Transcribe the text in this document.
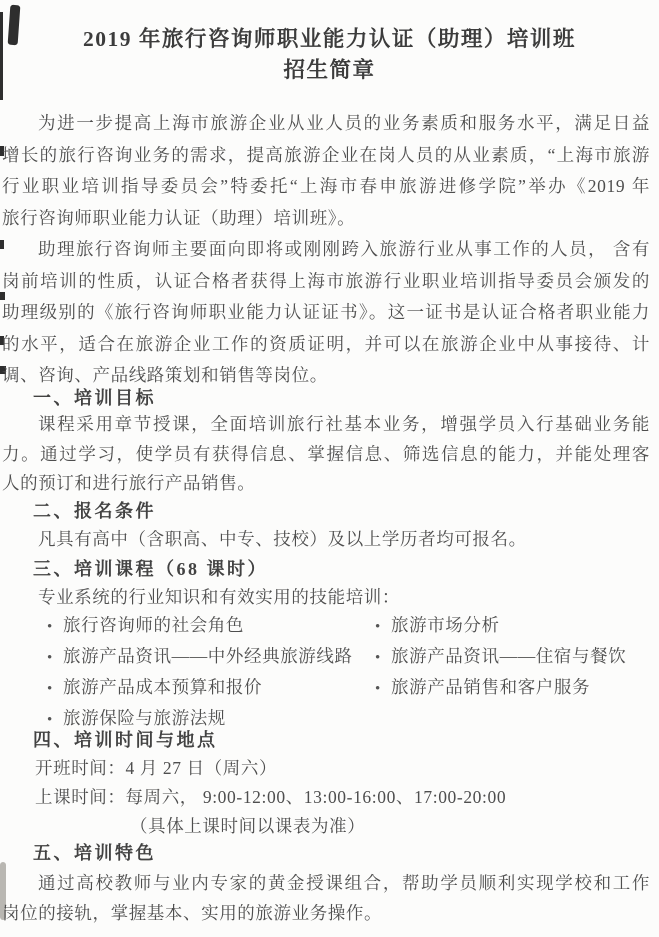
2019 年旅行咨询师职业能力认证（助理）培训班
招生简章
为进一步提高上海市旅游企业从业人员的业务素质和服务水平，满足日益
增长的旅行咨询业务的需求，提高旅游企业在岗人员的从业素质，“上海市旅游
行业职业培训指导委员会”特委托“上海市春申旅游进修学院”举办《2019 年
旅行咨询师职业能力认证（助理）培训班》。
助理旅行咨询师主要面向即将或刚刚跨入旅游行业从事工作的人员， 含有
岗前培训的性质，认证合格者获得上海市旅游行业职业培训指导委员会颁发的
助理级别的《旅行咨询师职业能力认证证书》。这一证书是认证合格者职业能力
的水平，适合在旅游企业工作的资质证明，并可以在旅游企业中从事接待、计
调、咨询、产品线路策划和销售等岗位。
一、培训目标
课程采用章节授课，全面培训旅行社基本业务，增强学员入行基础业务能
力。通过学习，使学员有获得信息、掌握信息、筛选信息的能力，并能处理客
人的预订和进行旅行产品销售。
二、报名条件
凡具有高中（含职高、中专、技校）及以上学历者均可报名。
三、培训课程（68 课时）
专业系统的行业知识和有效实用的技能培训：
• 旅行咨询师的社会角色	• 旅游市场分析
• 旅游产品资讯——中外经典旅游线路	• 旅游产品资讯——住宿与餐饮
• 旅游产品成本预算和报价	• 旅游产品销售和客户服务
• 旅游保险与旅游法规
四、培训时间与地点
开班时间：4 月 27 日（周六）
上课时间：每周六， 9:00-12:00、13:00-16:00、17:00-20:00
（具体上课时间以课表为准）
五、培训特色
通过高校教师与业内专家的黄金授课组合，帮助学员顺利实现学校和工作
岗位的接轨，掌握基本、实用的旅游业务操作。
